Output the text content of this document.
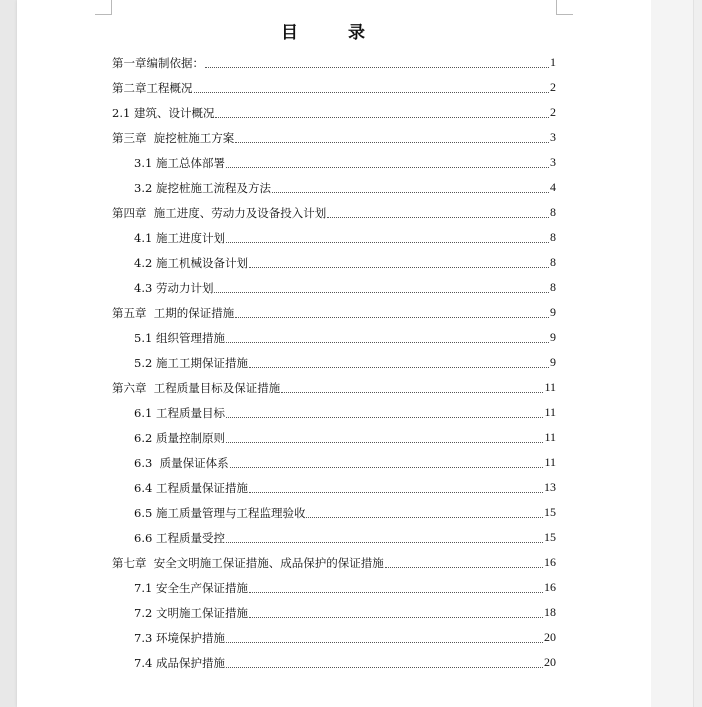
目 录
第一章编制依据：	1
第二章工程概况	2
2.1 建筑、设计概况	2
第三章  旋挖桩施工方案	3
3.1 施工总体部署	3
3.2 旋挖桩施工流程及方法	4
第四章  施工进度、劳动力及设备投入计划	8
4.1 施工进度计划	8
4.2 施工机械设备计划	8
4.3 劳动力计划	8
第五章  工期的保证措施	9
5.1 组织管理措施	9
5.2 施工工期保证措施	9
第六章  工程质量目标及保证措施	11
6.1 工程质量目标	11
6.2 质量控制原则	11
6.3  质量保证体系	11
6.4 工程质量保证措施	13
6.5 施工质量管理与工程监理验收	15
6.6 工程质量受控	15
第七章  安全文明施工保证措施、成品保护的保证措施	16
7.1 安全生产保证措施	16
7.2 文明施工保证措施	18
7.3 环境保护措施	20
7.4 成品保护措施	20
